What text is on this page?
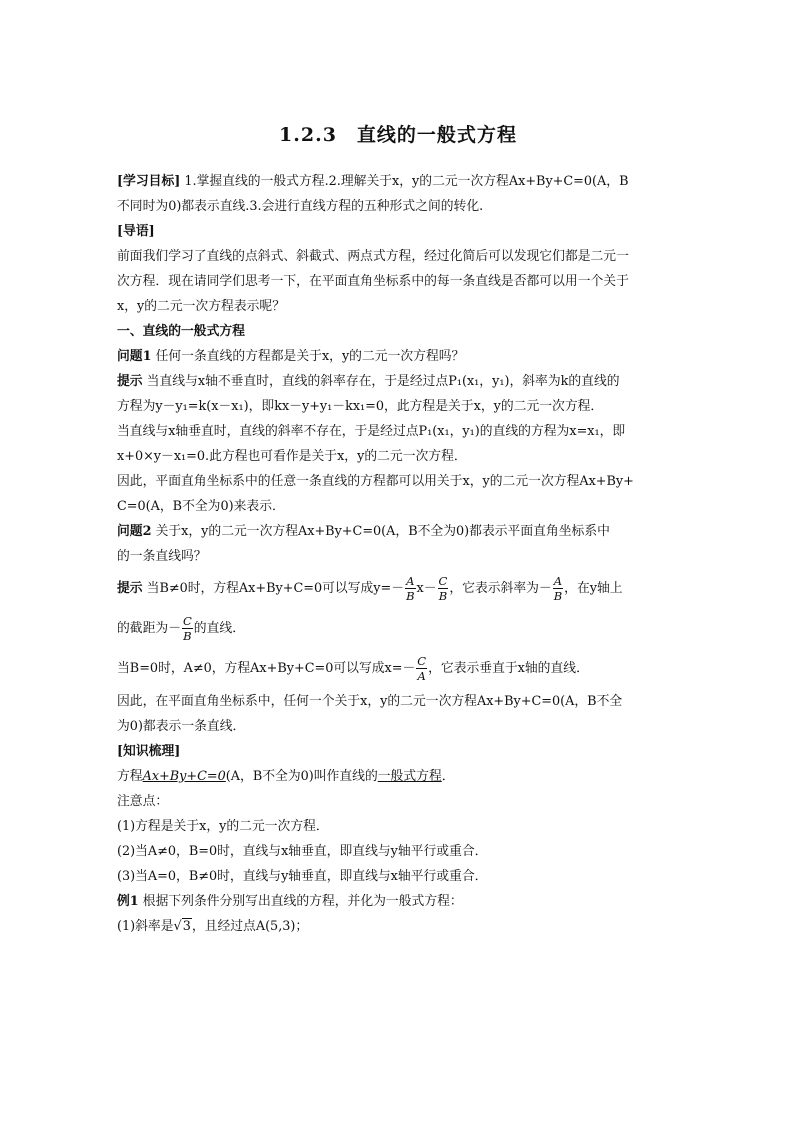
1.2.3　直线的一般式方程

[学习目标] 1.掌握直线的一般式方程.2.理解关于x，y的二元一次方程Ax+By+C=0(A，B

不同时为0)都表示直线.3.会进行直线方程的五种形式之间的转化.

[导语]

前面我们学习了直线的点斜式、斜截式、两点式方程，经过化简后可以发现它们都是二元一

次方程．现在请同学们思考一下，在平面直角坐标系中的每一条直线是否都可以用一个关于

x，y的二元一次方程表示呢？

一、直线的一般式方程

问题1 任何一条直线的方程都是关于x，y的二元一次方程吗？

提示 当直线与x轴不垂直时，直线的斜率存在，于是经过点P₁(x₁，y₁)，斜率为k的直线的

方程为y－y₁=k(x－x₁)，即kx－y+y₁－kx₁=0，此方程是关于x，y的二元一次方程．

当直线与x轴垂直时，直线的斜率不存在，于是经过点P₁(x₁，y₁)的直线的方程为x=x₁，即

x+0×y－x₁=0.此方程也可看作是关于x，y的二元一次方程．

因此，平面直角坐标系中的任意一条直线的方程都可以用关于x，y的二元一次方程Ax+By+

C=0(A，B不全为0)来表示．

问题2 关于x，y的二元一次方程Ax+By+C=0(A，B不全为0)都表示平面直角坐标系中

的一条直线吗？

提示 当B≠0时，方程Ax+By+C=0可以写成$y=- \frac{A}{B} x- \frac{C}{B}$ ，它表示斜率为－ $\frac{A}{B}$ ，在y轴上

的截距为－ $\frac{C}{B}$ 的直线．

当B=0时，A≠0，方程Ax+By+C=0可以写成$x=- \frac{C}{A}$ ，它表示垂直于x轴的直线．

因此，在平面直角坐标系中，任何一个关于x，y的二元一次方程Ax+By+C=0(A，B不全

为0)都表示一条直线．

[知识梳理]

方程Ax+By+C=0(A，B不全为0)叫作直线的一般式方程．

注意点：

(1)方程是关于x，y的二元一次方程．

(2)当A≠0，B=0时，直线与x轴垂直，即直线与y轴平行或重合．

(3)当A=0，B≠0时，直线与y轴垂直，即直线与x轴平行或重合．

例1 根据下列条件分别写出直线的方程，并化为一般式方程：

(1)斜率是√3，且经过点A(5,3)；
